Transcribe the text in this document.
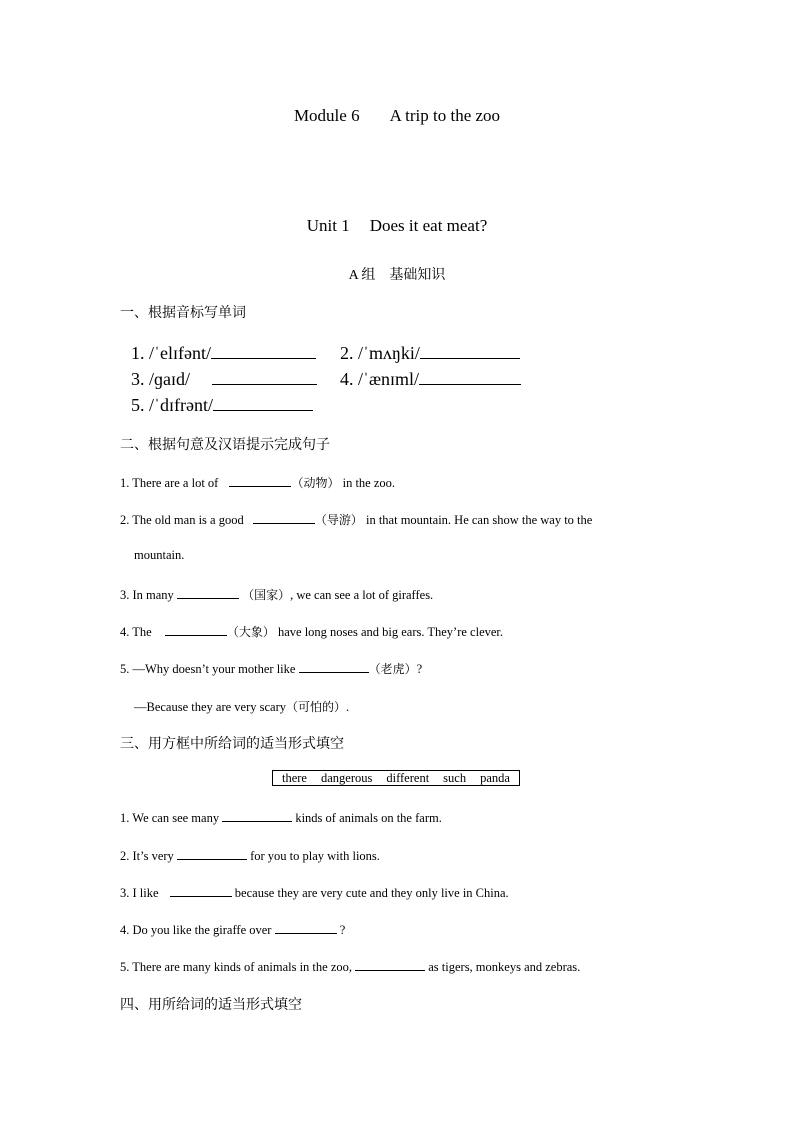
Module 6 A trip to the zoo
Unit 1 Does it eat meat?
A 组    基础知识
一、根据音标写单词
1. /ˈelɪfənt/	2. /ˈmʌŋki/
3. /ɡaɪd/	4. /ˈænɪml/
5. /ˈdɪfrənt/
二、根据句意及汉语提示完成句子
1. There are a lot of	（动物） in the zoo.
2. The old man is a good	（导游） in that mountain. He can show the way to the
mountain.
3. In many	（国家）, we can see a lot of giraffes.
4. The	（大象） have long noses and big ears. They’re clever.
5. —Why doesn’t your mother like	（老虎）?
—Because they are very scary（可怕的）.
三、用方框中所给词的适当形式填空
there dangerous different such panda
1. We can see many	kinds of animals on the farm.
2. It’s very	for you to play with lions.
3. I like	because they are very cute and they only live in China.
4. Do you like the giraffe over	?
5. There are many kinds of animals in the zoo,	as tigers, monkeys and zebras.
四、用所给词的适当形式填空
